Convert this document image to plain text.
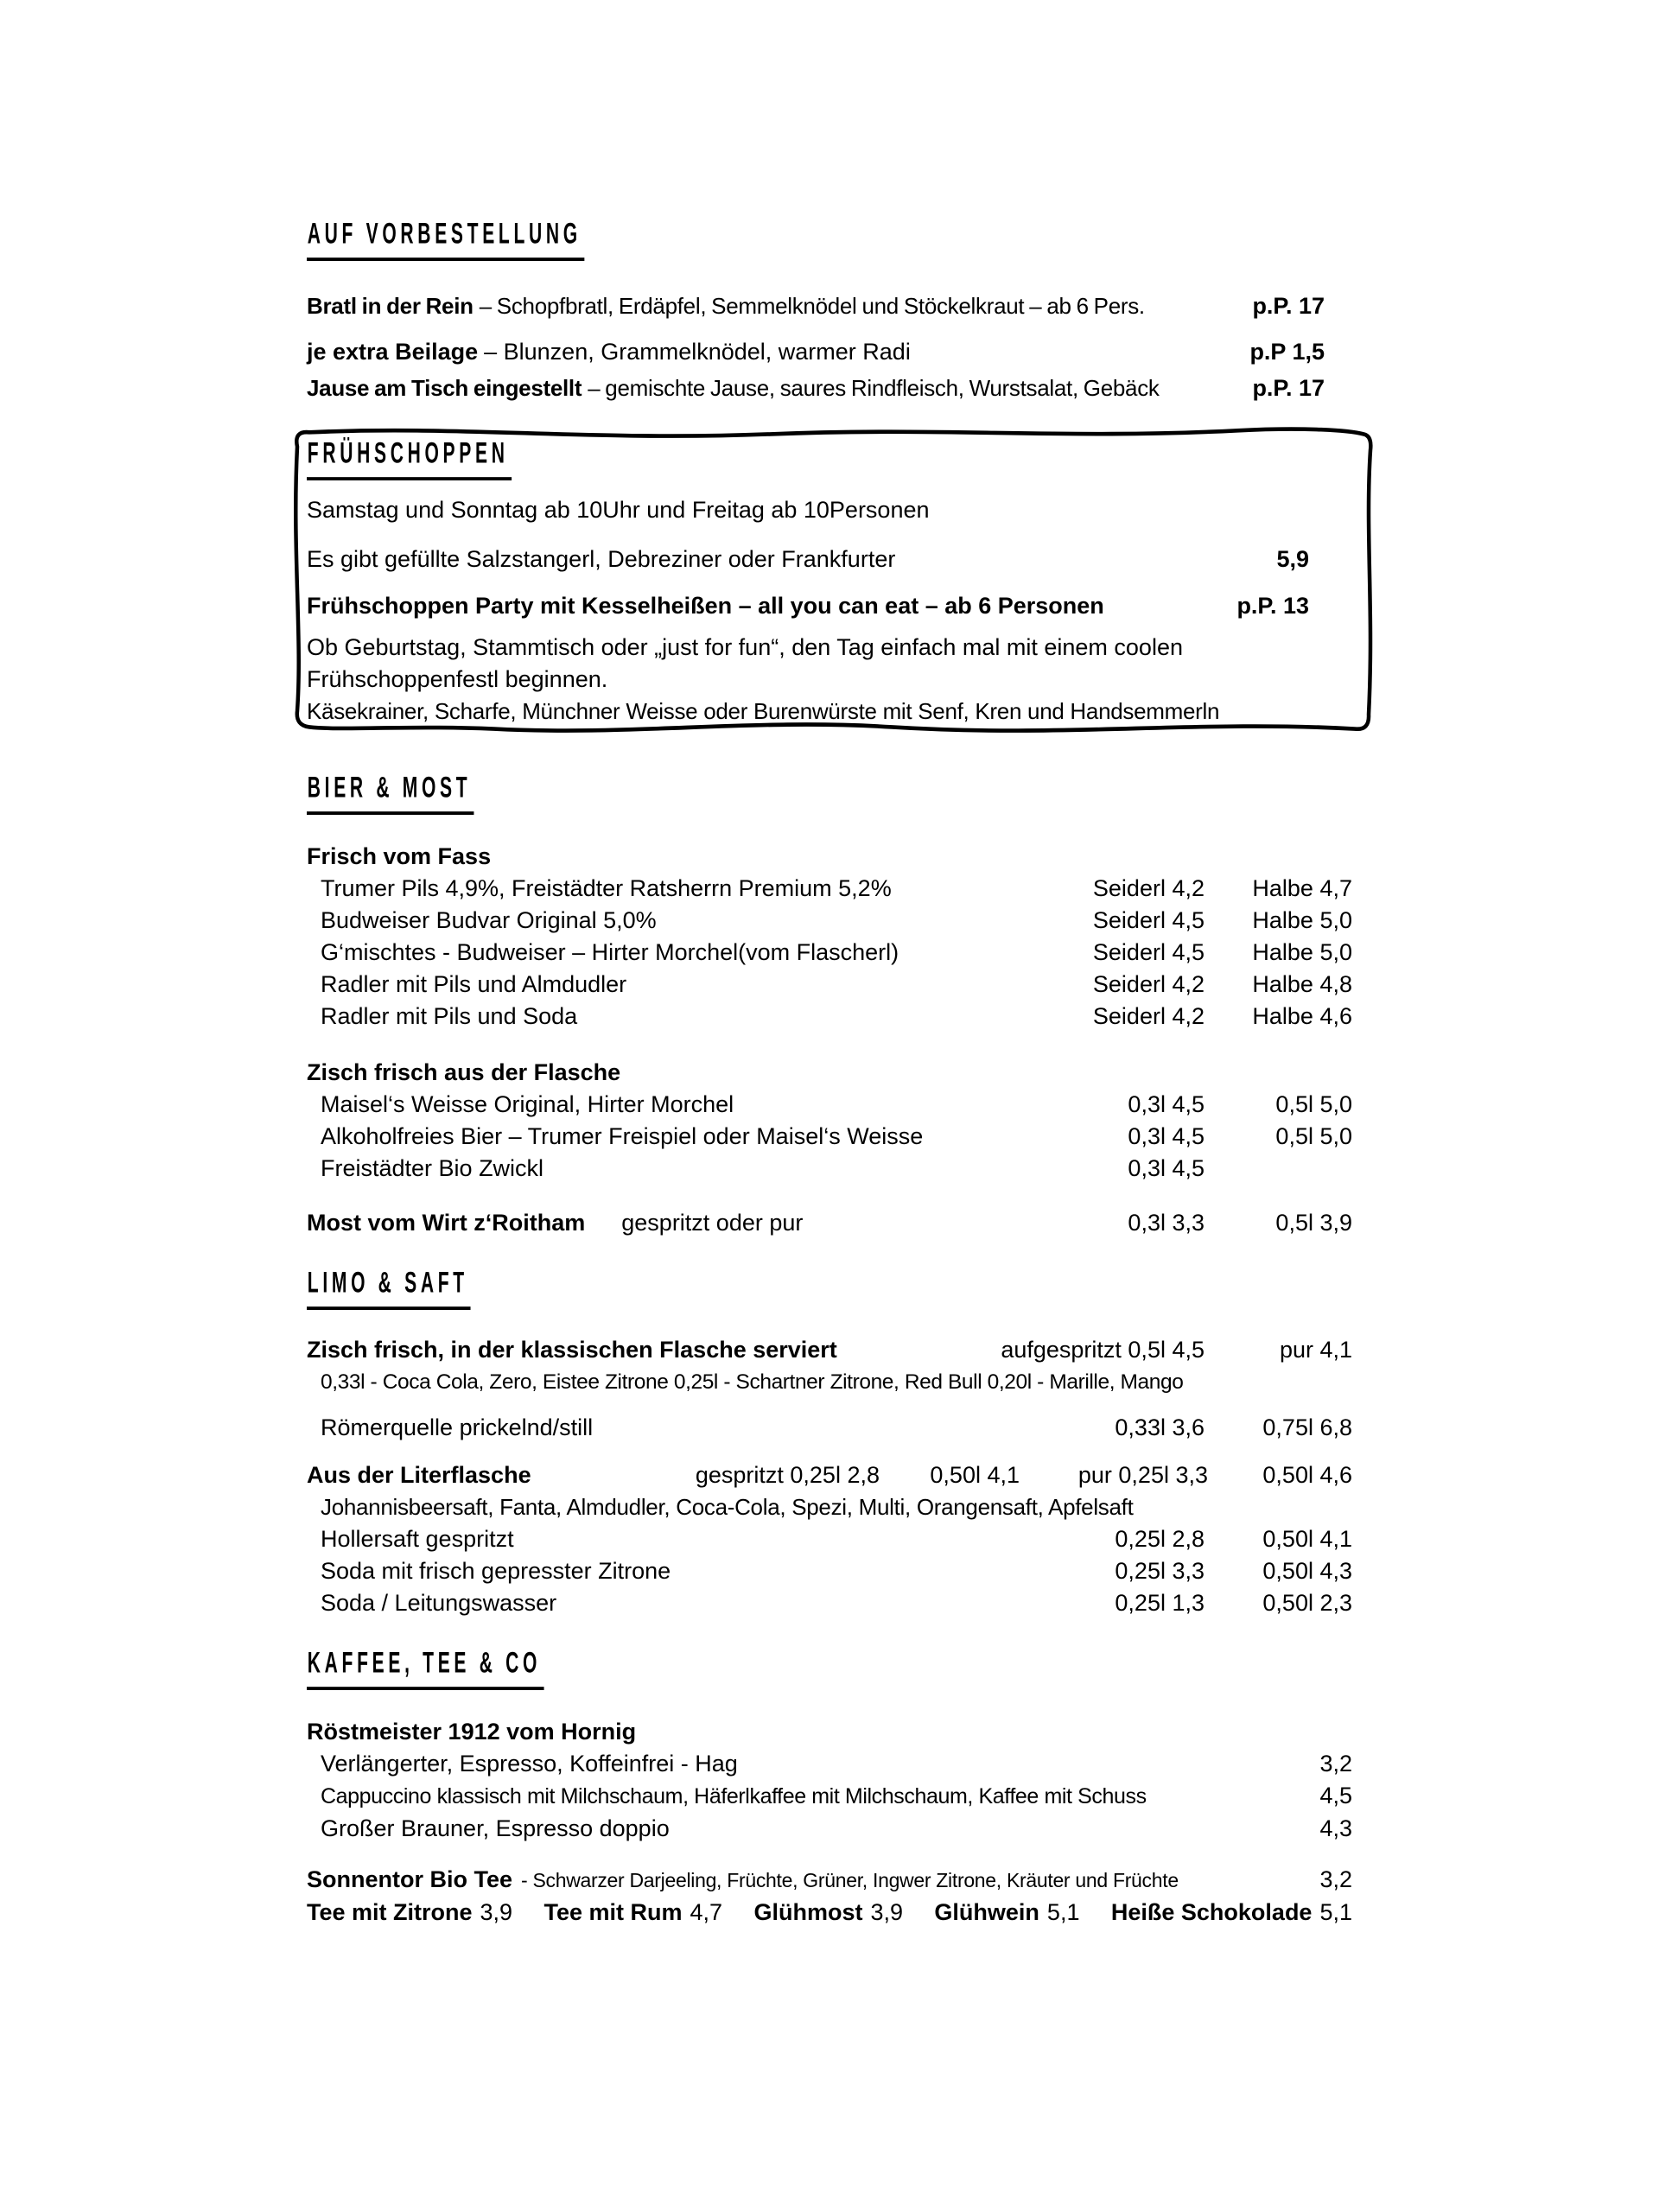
AUF VORBESTELLUNG
Bratl in der Rein – Schopfbratl, Erdäpfel, Semmelknödel und Stöckelkraut – ab 6 Pers.	p.P. 17
je extra Beilage – Blunzen, Grammelknödel, warmer Radi	p.P 1,5
Jause am Tisch eingestellt – gemischte Jause, saures Rindfleisch, Wurstsalat, Gebäck	p.P. 17
FRÜHSCHOPPEN
Samstag und Sonntag ab 10Uhr und Freitag ab 10Personen
Es gibt gefüllte Salzstangerl, Debreziner oder Frankfurter	5,9
Frühschoppen Party mit Kesselheißen – all you can eat – ab 6 Personen	p.P. 13
Ob Geburtstag, Stammtisch oder „just for fun“, den Tag einfach mal mit einem coolen
Frühschoppenfestl beginnen.
Käsekrainer, Scharfe, Münchner Weisse oder Burenwürste mit Senf, Kren und Handsemmerln
BIER & MOST
Frisch vom Fass
Trumer Pils 4,9%, Freistädter Ratsherrn Premium 5,2%	Seiderl 4,2	Halbe 4,7
Budweiser Budvar Original 5,0%	Seiderl 4,5	Halbe 5,0
G‘mischtes - Budweiser – Hirter Morchel(vom Flascherl)	Seiderl 4,5	Halbe 5,0
Radler mit Pils und Almdudler	Seiderl 4,2	Halbe 4,8
Radler mit Pils und Soda	Seiderl 4,2	Halbe 4,6
Zisch frisch aus der Flasche
Maisel‘s Weisse Original, Hirter Morchel	0,3l 4,5	0,5l 5,0
Alkoholfreies Bier – Trumer Freispiel oder Maisel‘s Weisse	0,3l 4,5	0,5l 5,0
Freistädter Bio Zwickl	0,3l 4,5
Most vom Wirt z‘Roitham gespritzt oder pur	0,3l 3,3	0,5l 3,9
LIMO & SAFT
Zisch frisch, in der klassischen Flasche serviert	aufgespritzt 0,5l 4,5	pur 4,1
0,33l - Coca Cola, Zero, Eistee Zitrone 0,25l - Schartner Zitrone, Red Bull 0,20l - Marille, Mango
Römerquelle prickelnd/still	0,33l 3,6	0,75l 6,8
Aus der Literflasche	gespritzt 0,25l 2,8	0,50l 4,1	pur 0,25l 3,3	0,50l 4,6
Johannisbeersaft, Fanta, Almdudler, Coca-Cola, Spezi, Multi, Orangensaft, Apfelsaft
Hollersaft gespritzt	0,25l 2,8	0,50l 4,1
Soda mit frisch gepresster Zitrone	0,25l 3,3	0,50l 4,3
Soda / Leitungswasser	0,25l 1,3	0,50l 2,3
KAFFEE, TEE & CO
Röstmeister 1912 vom Hornig
Verlängerter, Espresso, Koffeinfrei - Hag	3,2
Cappuccino klassisch mit Milchschaum, Häferlkaffee mit Milchschaum, Kaffee mit Schuss	4,5
Großer Brauner, Espresso doppio	4,3
Sonnentor Bio Tee - Schwarzer Darjeeling, Früchte, Grüner, Ingwer Zitrone, Kräuter und Früchte	3,2
Tee mit Zitrone 3,9 Tee mit Rum 4,7 Glühmost 3,9 Glühwein 5,1 Heiße Schokolade 5,1
